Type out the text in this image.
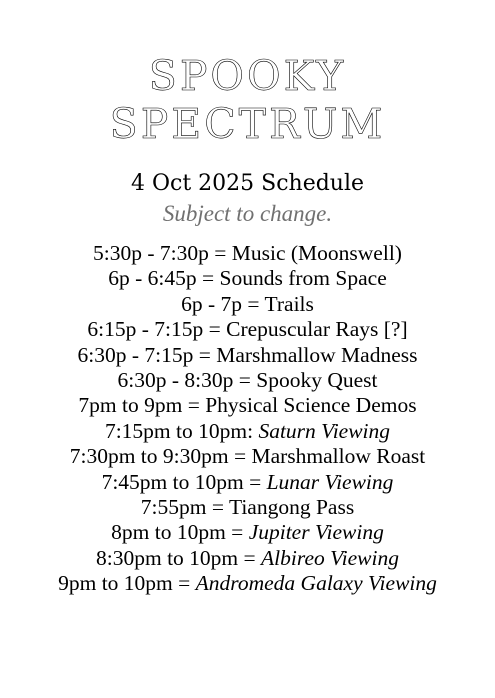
SPOOKY
SPECTRUM
4 Oct 2025 Schedule
Subject to change.
5:30p - 7:30p = Music (Moonswell)
6p - 6:45p = Sounds from Space
6p - 7p = Trails
6:15p - 7:15p = Crepuscular Rays [?]
6:30p - 7:15p = Marshmallow Madness
6:30p - 8:30p = Spooky Quest
7pm to 9pm = Physical Science Demos
7:15pm to 10pm: Saturn Viewing
7:30pm to 9:30pm = Marshmallow Roast
7:45pm to 10pm = Lunar Viewing
7:55pm = Tiangong Pass
8pm to 10pm = Jupiter Viewing
8:30pm to 10pm = Albireo Viewing
9pm to 10pm = Andromeda Galaxy Viewing
